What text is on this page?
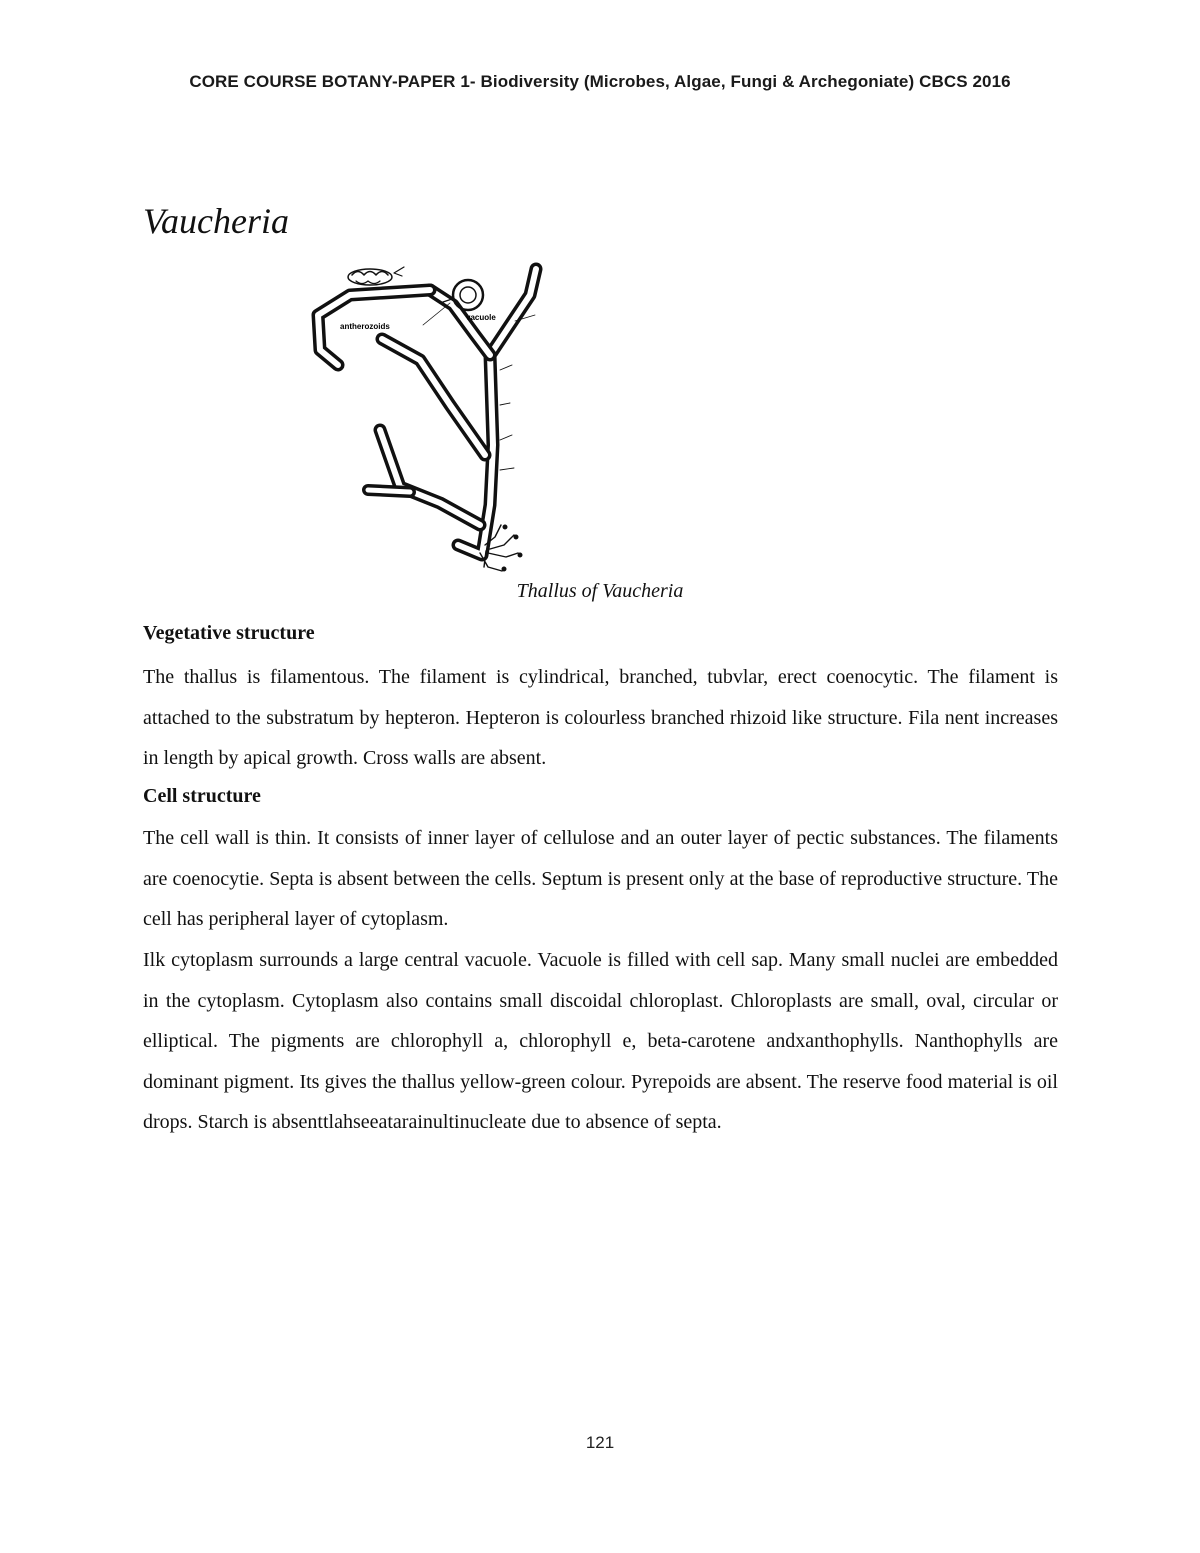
CORE COURSE BOTANY-PAPER 1- Biodiversity (Microbes, Algae, Fungi & Archegoniate) CBCS 2016
Vaucheria
antherozoids
vacuole
Thallus of Vaucheria
Vegetative structure

The thallus is filamentous. The filament is cylindrical, branched, tubvlar, erect coenocytic. The filament is attached to the substratum by hepteron. Hepteron is colourless branched rhizoid like structure. Fila nent increases in length by apical growth. Cross walls are absent.

Cell structure

The cell wall is thin. It consists of inner layer of cellulose and an outer layer of pectic substances. The filaments are coenocytie. Septa is absent between the cells. Septum is present only at the base of reproductive structure. The cell has peripheral layer of cytoplasm.

Ilk cytoplasm surrounds a large central vacuole. Vacuole is filled with cell sap. Many small nuclei are embedded in the cytoplasm. Cytoplasm also contains small discoidal chloroplast. Chloroplasts are small, oval, circular or elliptical. The pigments are chlorophyll a, chlorophyll e, beta-carotene andxanthophylls. Nanthophylls are dominant pigment. Its gives the thallus yellow-green colour. Pyrepoids are absent. The reserve food material is oil drops. Starch is absenttlahseeatarainultinucleate due to absence of septa.

121
